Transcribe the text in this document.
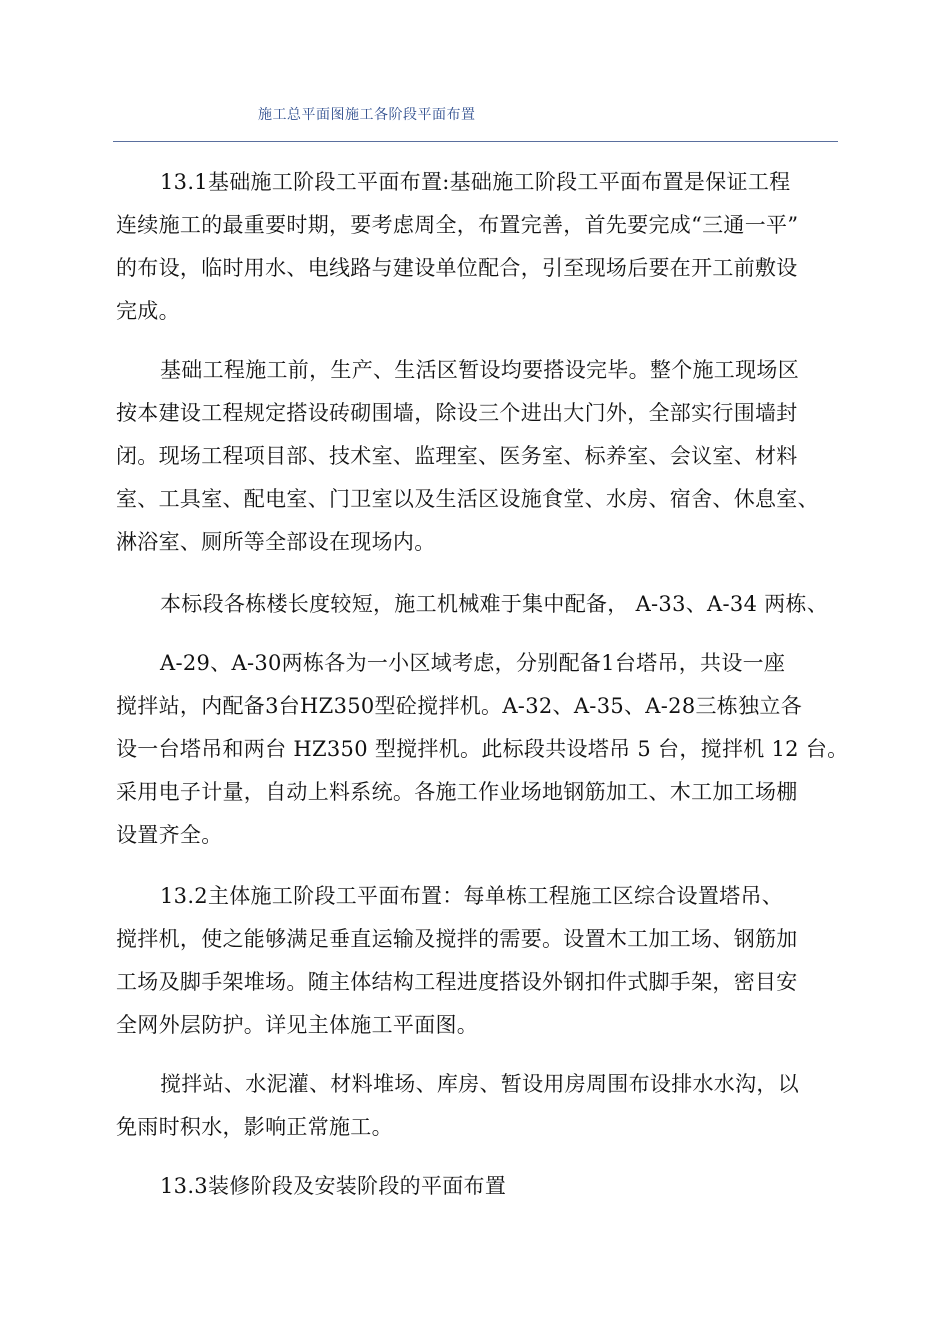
施工总平面图施工各阶段平面布置
13.1基础施工阶段工平面布置:基础施工阶段工平面布置是保证工程
连续施工的最重要时期，要考虑周全，布置完善，首先要完成“三通一平”
的布设，临时用水、电线路与建设单位配合，引至现场后要在开工前敷设
完成。
基础工程施工前，生产、生活区暂设均要搭设完毕。整个施工现场区
按本建设工程规定搭设砖砌围墙，除设三个进出大门外，全部实行围墙封
闭。现场工程项目部、技术室、监理室、医务室、标养室、会议室、材料
室、工具室、配电室、门卫室以及生活区设施食堂、水房、宿舍、休息室、
淋浴室、厕所等全部设在现场内。
本标段各栋楼长度较短，施工机械难于集中配备， A-33、A-34 两栋、
A-29、A-30两栋各为一小区域考虑，分别配备1台塔吊，共设一座
搅拌站，内配备3台HZ350型砼搅拌机。A-32、A-35、A-28三栋独立各
设一台塔吊和两台 HZ350 型搅拌机。此标段共设塔吊 5 台，搅拌机 12 台。
采用电子计量，自动上料系统。各施工作业场地钢筋加工、木工加工场棚
设置齐全。
13.2主体施工阶段工平面布置：每单栋工程施工区综合设置塔吊、
搅拌机，使之能够满足垂直运输及搅拌的需要。设置木工加工场、钢筋加
工场及脚手架堆场。随主体结构工程进度搭设外钢扣件式脚手架，密目安
全网外层防护。详见主体施工平面图。
搅拌站、水泥灌、材料堆场、库房、暂设用房周围布设排水水沟，以
免雨时积水，影响正常施工。
13.3装修阶段及安装阶段的平面布置
